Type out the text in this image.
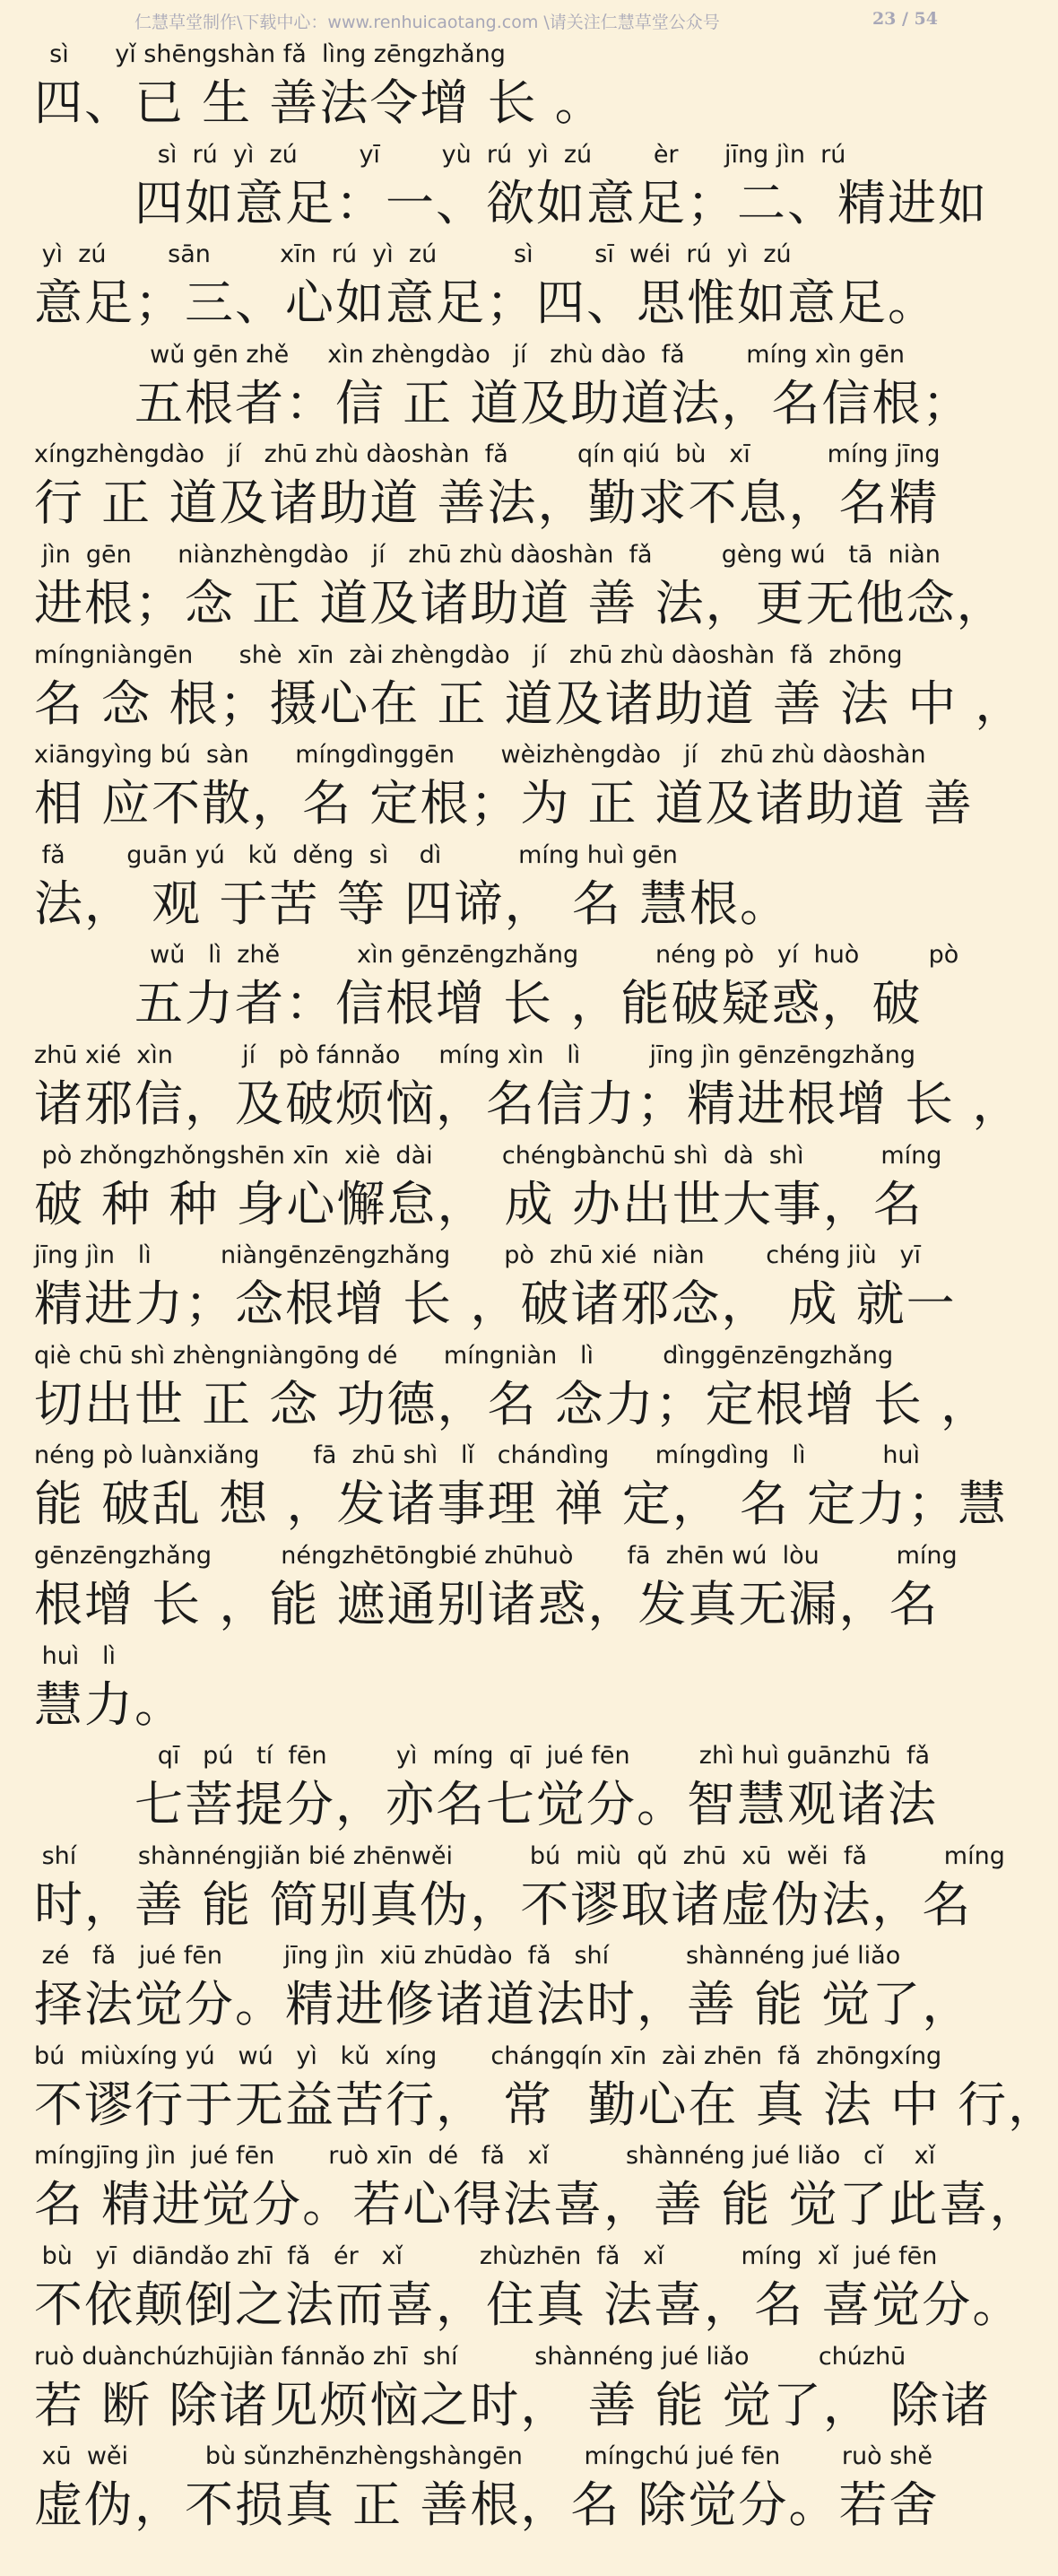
仁慧草堂制作\下载中心：www.renhuicaotang.com \请关注仁慧草堂公众号	23 / 54
sì      yǐ shēngshàn fǎ  lìng zēngzhǎng
四、已 生 善法令增 长 。
sì  rú  yì  zú        yī        yù  rú  yì  zú        èr      jīng jìn  rú
四如意足：一、欲如意足；二、精进如
yì  zú        sān         xīn  rú  yì  zú          sì        sī  wéi  rú  yì  zú
意足；三、心如意足；四、思惟如意足。
wǔ gēn zhě     xìn zhèngdào   jí   zhù dào  fǎ        míng xìn gēn
五根者：信 正 道及助道法，名信根；
xíngzhèngdào   jí   zhū zhù dàoshàn  fǎ         qín qiú  bù   xī          míng jīng
行 正 道及诸助道 善法，勤求不息，名精
jìn  gēn      niànzhèngdào   jí   zhū zhù dàoshàn  fǎ         gèng wú   tā  niàn
进根；念 正 道及诸助道 善 法，更无他念，
míngniàngēn      shè  xīn  zài zhèngdào   jí   zhū zhù dàoshàn  fǎ  zhōng
名 念 根；摄心在 正 道及诸助道 善 法 中 ，
xiāngyìng bú  sàn      míngdìnggēn      wèizhèngdào   jí   zhū zhù dàoshàn
相 应不散，名 定根；为 正 道及诸助道 善
fǎ        guān yú   kǔ  děng  sì    dì          míng huì gēn
法， 观 于苦 等 四谛， 名 慧根。
wǔ   lì  zhě          xìn gēnzēngzhǎng          néng pò   yí  huò         pò
五力者：信根增 长 ，能破疑惑，破
zhū xié  xìn         jí   pò fánnǎo     míng xìn   lì         jīng jìn gēnzēngzhǎng
诸邪信，及破烦恼，名信力；精进根增 长 ，
pò zhǒngzhǒngshēn xīn  xiè  dài         chéngbànchū shì  dà  shì          míng
破 种 种 身心懈怠， 成 办出世大事，名
jīng jìn   lì         niàngēnzēngzhǎng       pò  zhū xié  niàn        chéng jiù   yī
精进力；念根增 长 ，破诸邪念， 成 就一
qiè chū shì zhèngniàngōng dé      míngniàn   lì         dìnggēnzēngzhǎng
切出世 正 念 功德，名 念力；定根增 长 ，
néng pò luànxiǎng       fā  zhū shì   lǐ   chándìng      míngdìng   lì          huì
能 破乱 想 ，发诸事理 禅 定， 名 定力；慧
gēnzēngzhǎng         néngzhētōngbié zhūhuò       fā  zhēn wú  lòu          míng
根增 长 ，能 遮通别诸惑，发真无漏，名
huì   lì
慧力。
qī   pú   tí  fēn         yì  míng  qī  jué fēn         zhì huì guānzhū  fǎ
七菩提分，亦名七觉分。智慧观诸法
shí        shànnéngjiǎn bié zhēnwěi          bú  miù  qǔ  zhū  xū  wěi  fǎ          míng
时，善 能 简别真伪，不谬取诸虚伪法，名
zé   fǎ   jué fēn        jīng jìn  xiū zhūdào  fǎ   shí          shànnéng jué liǎo
择法觉分。精进修诸道法时，善 能 觉了，
bú  miùxíng yú   wú   yì   kǔ  xíng       chángqín xīn  zài zhēn  fǎ  zhōngxíng
不谬行于无益苦行， 常  勤心在 真 法 中 行，
míngjīng jìn  jué fēn       ruò xīn  dé   fǎ   xǐ          shànnéng jué liǎo   cǐ    xǐ
名 精进觉分。若心得法喜，善 能 觉了此喜，
bù   yī  diāndǎo zhī  fǎ   ér   xǐ          zhùzhēn  fǎ   xǐ          míng  xǐ  jué fēn
不依颠倒之法而喜，住真 法喜，名 喜觉分。
ruò duànchúzhūjiàn fánnǎo zhī  shí          shànnéng jué liǎo         chúzhū
若 断 除诸见烦恼之时， 善 能 觉了， 除诸
xū  wěi          bù sǔnzhēnzhèngshàngēn        míngchú jué fēn        ruò shě
虚伪，不损真 正 善根，名 除觉分。若舍
